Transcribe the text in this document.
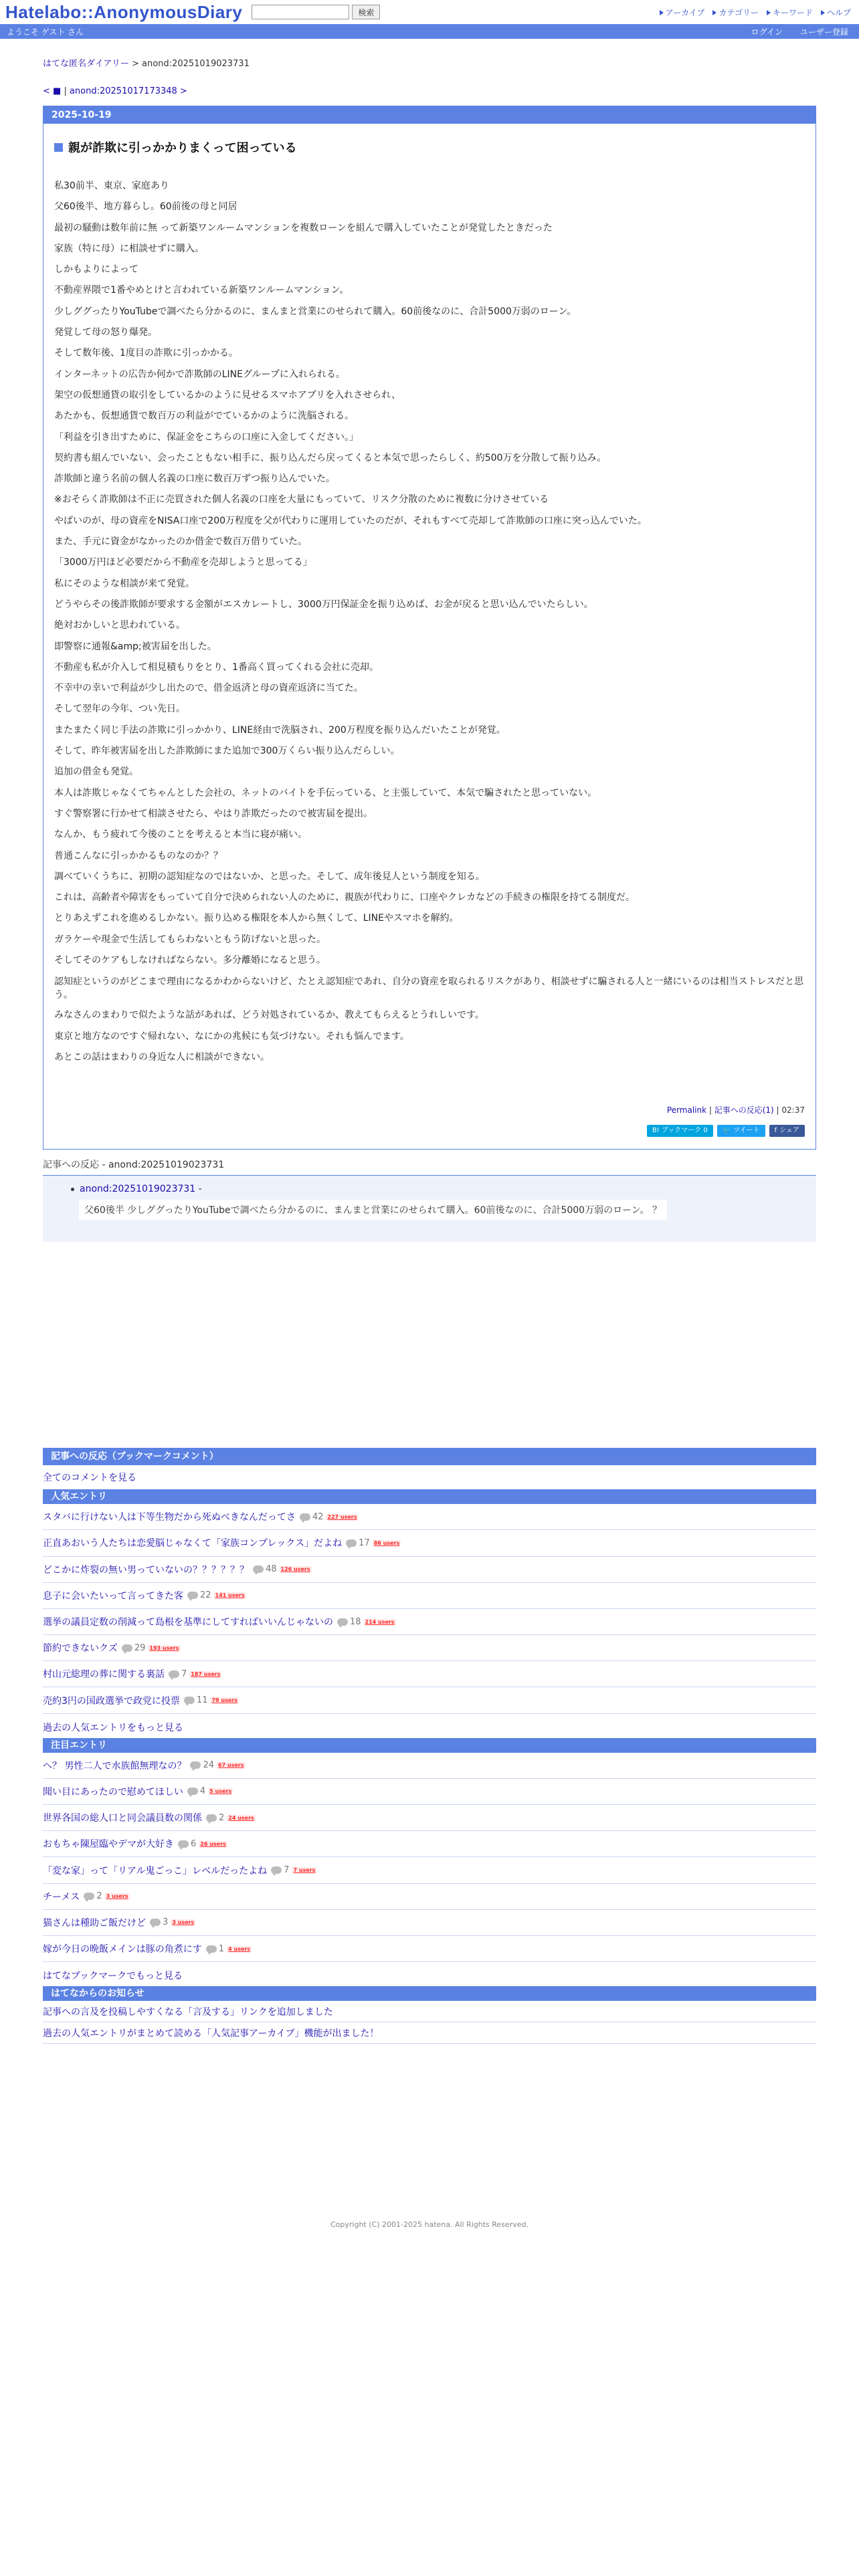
Hatelabo::AnonymousDiary	検索	アーカイブ カテゴリー キーワード ヘルプ
ようこそ ゲスト さん	ログイン ユーザー登録
はてな匿名ダイアリー > anond:20251019023731
< ■ | anond:20251017173348 >
2025-10-19
親が詐欺に引っかかりまくって困っている
私30前半、東京、家庭あり
父60後半、地方暮らし。60前後の母と同居
最初の騒動は数年前に無 って新築ワンルームマンションを複数ローンを組んで購入していたことが発覚したときだった
家族（特に母）に相談せずに購入。
しかもよりによって
不動産界隈で1番やめとけと言われている新築ワンルームマンション。
少しググったりYouTubeで調べたら分かるのに、まんまと営業にのせられて購入。60前後なのに、合計5000万弱のローン。
発覚して母の怒り爆発。
そして数年後、1度目の詐欺に引っかかる。
インターネットの広告か何かで詐欺師のLINEグループに入れられる。
架空の仮想通貨の取引をしているかのように見せるスマホアプリを入れさせられ、
あたかも、仮想通貨で数百万の利益がでているかのように洗脳される。
「利益を引き出すために、保証金をこちらの口座に入金してください。」
契約書も組んでいない、会ったこともない相手に、振り込んだら戻ってくると本気で思ったらしく、約500万を分散して振り込み。
詐欺師と違う名前の個人名義の口座に数百万ずつ振り込んでいた。
※おそらく詐欺師は不正に売買された個人名義の口座を大量にもっていて、リスク分散のために複数に分けさせている
やばいのが、母の資産をNISA口座で200万程度を父が代わりに運用していたのだが、それもすべて売却して詐欺師の口座に突っ込んでいた。
また、手元に資金がなかったのか借金で数百万借りていた。
「3000万円ほど必要だから不動産を売却しようと思ってる」
私にそのような相談が来て発覚。
どうやらその後詐欺師が要求する金額がエスカレートし、3000万円保証金を振り込めば、お金が戻ると思い込んでいたらしい。
絶対おかしいと思われている。
即警察に通報&amp;被害届を出した。
不動産も私が介入して相見積もりをとり、1番高く買ってくれる会社に売却。
不幸中の幸いで利益が少し出たので、借金返済と母の資産返済に当てた。
そして翌年の今年、つい先日。
またまたく同じ手法の詐欺に引っかかり、LINE経由で洗脳され、200万程度を振り込んだいたことが発覚。
そして、昨年被害届を出した詐欺師にまた追加で300万くらい振り込んだらしい。
追加の借金も発覚。
本人は詐欺じゃなくてちゃんとした会社の、ネットのバイトを手伝っている、と主張していて、本気で騙されたと思っていない。
すぐ警察署に行かせて相談させたら、やはり詐欺だったので被害届を提出。
なんか、もう疲れて今後のことを考えると本当に寝が痛い。
普通こんなに引っかかるものなのか？？
調べていくうちに、初期の認知症なのではないか、と思った。そして、成年後見人という制度を知る。
これは、高齢者や障害をもっていて自分で決められない人のために、親族が代わりに、口座やクレカなどの手続きの権限を持てる制度だ。
とりあえずこれを進めるしかない。振り込める権限を本人から無くして、LINEやスマホを解約。
ガラケーや現金で生活してもらわないともう防げないと思った。
そしてそのケアもしなければならない。多分離婚になると思う。
認知症というのがどこまで理由になるかわからないけど、たとえ認知症であれ、自分の資産を取られるリスクがあり、相談せずに騙される人と一緒にいるのは相当ストレスだと思う。
みなさんのまわりで似たような話があれば、どう対処されているか、教えてもらえるとうれしいです。
東京と地方なのですぐ帰れない、なにかの兆候にも気づけない。それも悩んでます。
あとこの話はまわりの身近な人に相談ができない。
Permalink | 記事への反応(1) | 02:37
B! ブックマーク 0	🐦 ツイート f シェア
記事への反応 - anond:20251019023731
anond:20251019023731 -
父60後半 少しググったりYouTubeで調べたら分かるのに、まんまと営業にのせられて購入。60前後なのに、合計5000万弱のローン。 ？
記事への反応（ブックマークコメント）
全てのコメントを見る
人気エントリ
スタバに行けない人は下等生物だから死ぬべきなんだってさ 42 227 users
正直あおいう人たちは恋愛脳じゃなくて「家族コンプレックス」だよね 17 86 users
どこかに炸裂の無い男っていないの？？？？？？ 48 126 users
息子に会いたいって言ってきた客 22 141 users
選挙の議員定数の削減って島根を基準にしてすればいいんじゃないの 18 214 users
節約できないクズ 29 193 users
村山元総理の葬に関する裏話 7 187 users
売約3円の国政選挙で政党に投票 11 79 users
過去の人気エントリをもっと見る
注目エントリ
へ？ 男性二人で水族館無理なの？ 24 67 users
聞い目にあったので慰めてほしい 4 5 users
世界各国の総人口と同会議員数の関係 2 24 users
おもちゃ陳屋臨やデマが大好き 6 26 users
「変な家」って「リアル鬼ごっこ」レベルだったよね 7 7 users
チーメス 2 3 users
猫さんは種助ご飯だけど 3 3 users
嫁が今日の晩飯メインは豚の角煮にす 1 4 users
はてなブックマークでもっと見る
はてなからのお知らせ
記事への言及を投稿しやすくなる「言及する」リンクを追加しました
過去の人気エントリがまとめて読める「人気記事アーカイブ」機能が出ました！
Copyright (C) 2001-2025 hatena. All Rights Reserved.
